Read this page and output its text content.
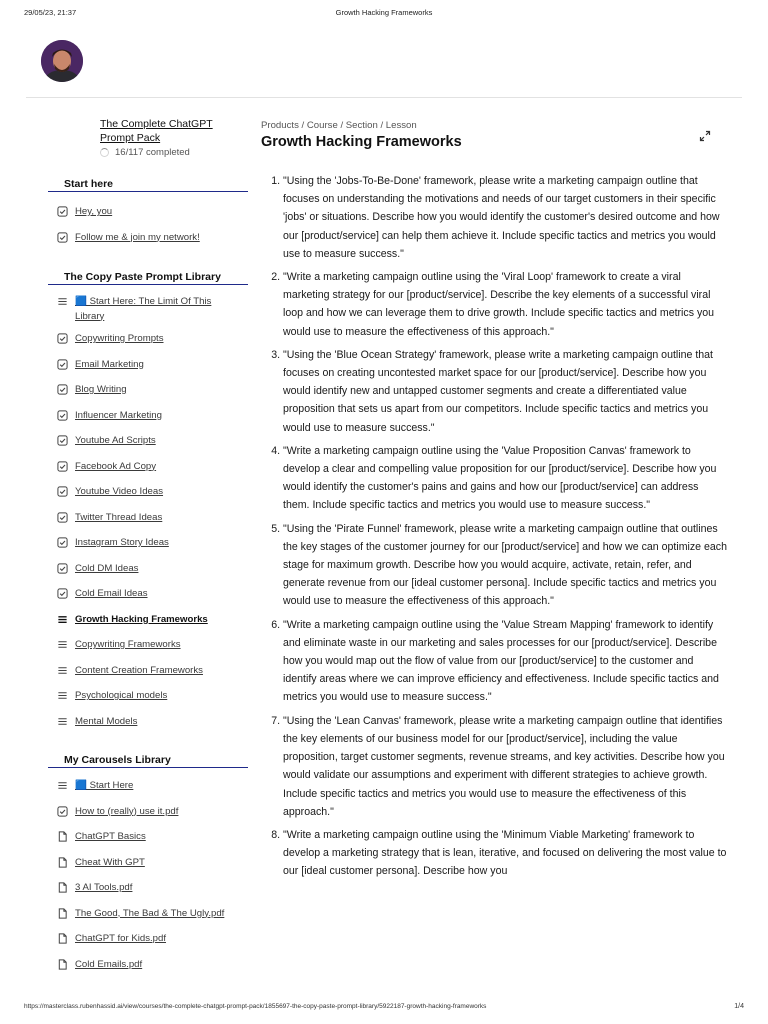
29/05/23, 21:37	Growth Hacking Frameworks
The Complete ChatGPT Prompt Pack
16/117 completed
Start here
Hey, you
Follow me & join my network!
The Copy Paste Prompt Library
🟦 Start Here: The Limit Of This Library
Copywriting Prompts
Email Marketing
Blog Writing
Influencer Marketing
Youtube Ad Scripts
Facebook Ad Copy
Youtube Video Ideas
Twitter Thread Ideas
Instagram Story Ideas
Cold DM Ideas
Cold Email Ideas
Growth Hacking Frameworks
Copywriting Frameworks
Content Creation Frameworks
Psychological models
Mental Models
My Carousels Library
🟦 Start Here
How to (really) use it.pdf
ChatGPT Basics
Cheat With GPT
3 AI Tools.pdf
The Good, The Bad & The Ugly.pdf
ChatGPT for Kids.pdf
Cold Emails.pdf
Products / Course / Section / Lesson
Growth Hacking Frameworks
1. "Using the 'Jobs-To-Be-Done' framework, please write a marketing campaign outline that focuses on understanding the motivations and needs of our target customers in their specific 'jobs' or situations. Describe how you would identify the customer's desired outcome and how our [product/service] can help them achieve it. Include specific tactics and metrics you would use to measure success."
2. "Write a marketing campaign outline using the 'Viral Loop' framework to create a viral marketing strategy for our [product/service]. Describe the key elements of a successful viral loop and how we can leverage them to drive growth. Include specific tactics and metrics you would use to measure the effectiveness of this approach."
3. "Using the 'Blue Ocean Strategy' framework, please write a marketing campaign outline that focuses on creating uncontested market space for our [product/service]. Describe how you would identify new and untapped customer segments and create a differentiated value proposition that sets us apart from our competitors. Include specific tactics and metrics you would use to measure success."
4. "Write a marketing campaign outline using the 'Value Proposition Canvas' framework to develop a clear and compelling value proposition for our [product/service]. Describe how you would identify the customer's pains and gains and how our [product/service] can address them. Include specific tactics and metrics you would use to measure success."
5. "Using the 'Pirate Funnel' framework, please write a marketing campaign outline that outlines the key stages of the customer journey for our [product/service] and how we can optimize each stage for maximum growth. Describe how you would acquire, activate, retain, refer, and generate revenue from our [ideal customer persona]. Include specific tactics and metrics you would use to measure the effectiveness of this approach."
6. "Write a marketing campaign outline using the 'Value Stream Mapping' framework to identify and eliminate waste in our marketing and sales processes for our [product/service]. Describe how you would map out the flow of value from our [product/service] to the customer and identify areas where we can improve efficiency and effectiveness. Include specific tactics and metrics you would use to measure success."
7. "Using the 'Lean Canvas' framework, please write a marketing campaign outline that identifies the key elements of our business model for our [product/service], including the value proposition, target customer segments, revenue streams, and key activities. Describe how you would validate our assumptions and experiment with different strategies to achieve growth. Include specific tactics and metrics you would use to measure the effectiveness of this approach."
8. "Write a marketing campaign outline using the 'Minimum Viable Marketing' framework to develop a marketing strategy that is lean, iterative, and focused on delivering the most value to our [ideal customer persona]. Describe how you
https://masterclass.rubenhassid.ai/view/courses/the-complete-chatgpt-prompt-pack/1855697-the-copy-paste-prompt-library/5922187-growth-hacking-frameworks	1/4
